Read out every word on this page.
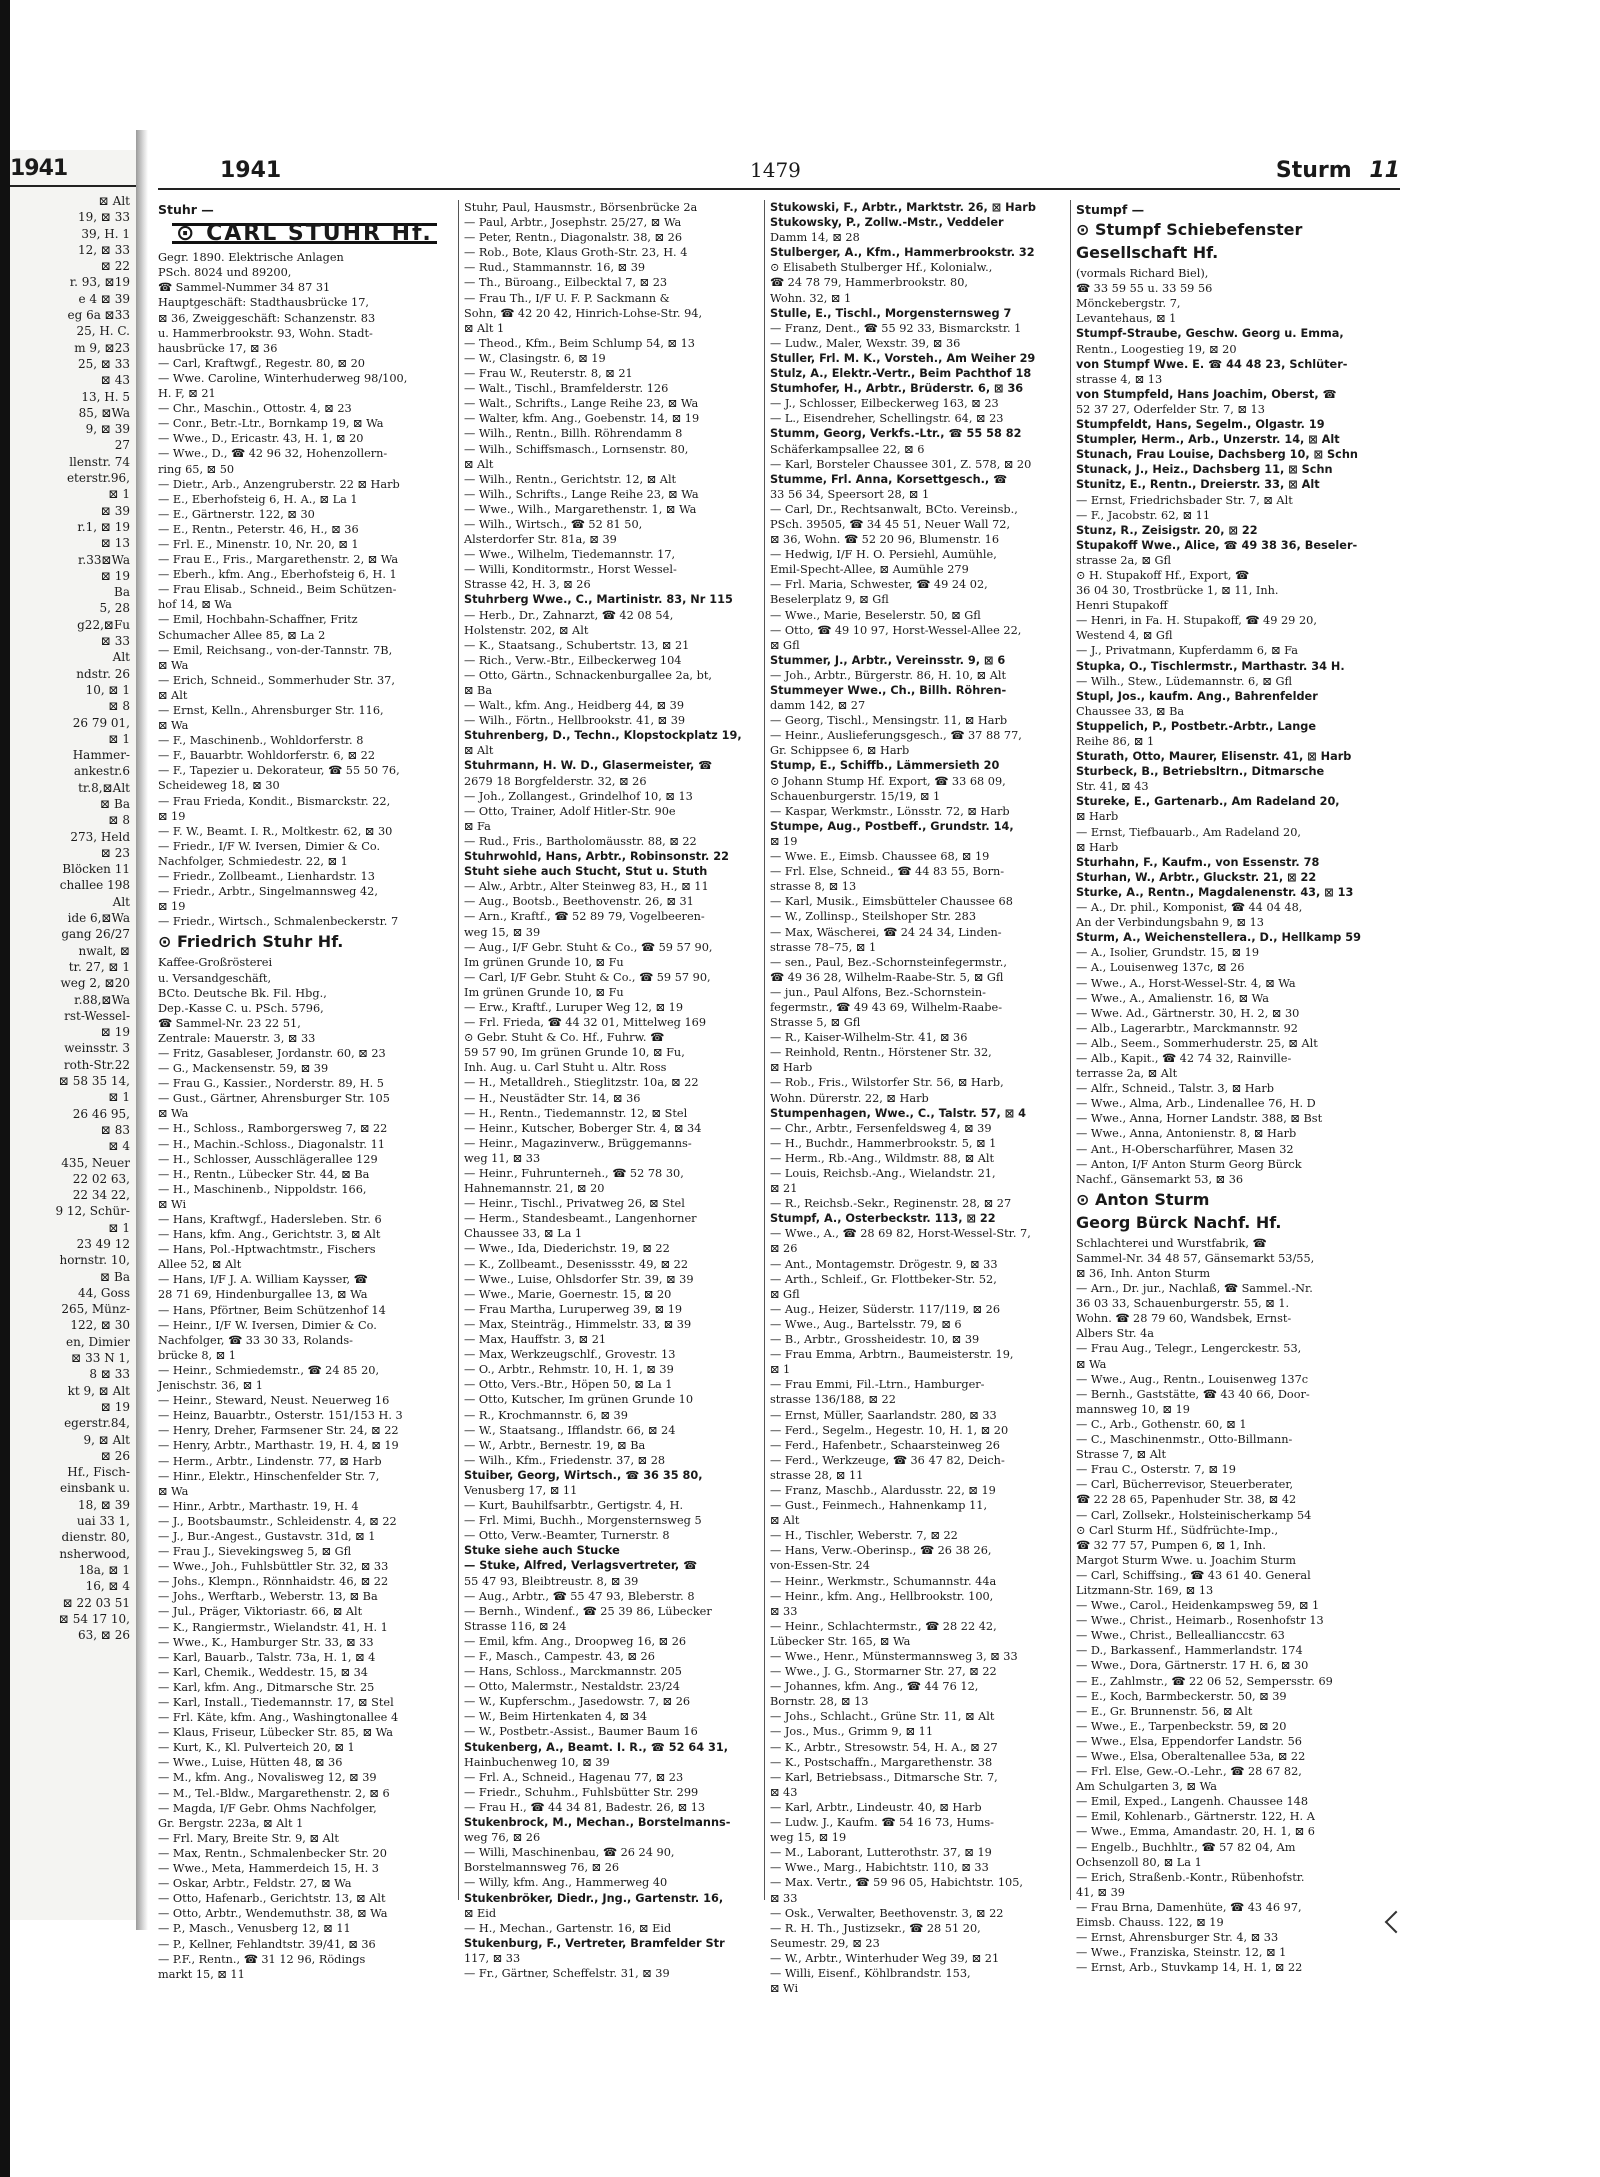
1941
⊠ Alt
19, ⊠ 33
39, H. 1
12, ⊠ 33
⊠ 22
r. 93, ⊠19
e 4 ⊠ 39
eg 6a ⊠33
25, H. C.
m 9, ⊠23
25, ⊠ 33
⊠ 43
13, H. 5
85, ⊠Wa
9, ⊠ 39
27
llenstr. 74
eterstr.96,
⊠ 1
⊠ 39
r.1, ⊠ 19
⊠ 13
r.33⊠Wa
⊠ 19
Ba
5, 28
g22,⊠Fu
⊠ 33
Alt
ndstr. 26
10, ⊠ 1
⊠ 8
26 79 01,
⊠ 1
Hammer-
ankestr.6
tr.8,⊠Alt
⊠ Ba
⊠ 8
273, Held
⊠ 23
Blöcken 11
challee 198
Alt
ide 6,⊠Wa
gang 26/27
nwalt, ⊠
tr. 27, ⊠ 1
weg 2, ⊠20
r.88,⊠Wa
rst-Wessel-
⊠ 19
weinsstr. 3
roth-Str.22
⊠ 58 35 14,
⊠ 1
26 46 95,
⊠ 83
⊠ 4
435, Neuer
22 02 63,
22 34 22,
9 12, Schür-
⊠ 1
23 49 12
hornstr. 10,
⊠ Ba
44, Goss
265, Münz-
122, ⊠ 30
en, Dimier
⊠ 33 N 1,
8 ⊠ 33
kt 9, ⊠ Alt
⊠ 19
egerstr.84,
9, ⊠ Alt
⊠ 26
Hf., Fisch-
einsbank u.
18, ⊠ 39
uai 33 1,
dienstr. 80,
nsherwood,
18a, ⊠ 1
16, ⊠ 4
⊠ 22 03 51
⊠ 54 17 10,
63, ⊠ 26
1941	1479	Sturm 11
Stuhr —
⊙ CARL STUHR Hf.
Gegr. 1890. Elektrische Anlagen
PSch. 8024 und 89200,
☎ Sammel-Nummer 34 87 31
Hauptgeschäft: Stadthausbrücke 17,
⊠ 36, Zweiggeschäft: Schanzenstr. 83
u. Hammerbrookstr. 93, Wohn. Stadt-
hausbrücke 17, ⊠ 36
— Carl, Kraftwgf., Regestr. 80, ⊠ 20
— Wwe. Caroline, Winterhuderweg 98/100,
H. F, ⊠ 21
— Chr., Maschin., Ottostr. 4, ⊠ 23
— Conr., Betr.-Ltr., Bornkamp 19, ⊠ Wa
— Wwe., D., Ericastr. 43, H. 1, ⊠ 20
— Wwe., D., ☎ 42 96 32, Hohenzollern-
ring 65, ⊠ 50
— Dietr., Arb., Anzengruberstr. 22 ⊠ Harb
— E., Eberhofsteig 6, H. A., ⊠ La 1
— E., Gärtnerstr. 122, ⊠ 30
— E., Rentn., Peterstr. 46, H., ⊠ 36
— Frl. E., Minenstr. 10, Nr. 20, ⊠ 1
— Frau E., Fris., Margarethenstr. 2, ⊠ Wa
— Eberh., kfm. Ang., Eberhofsteig 6, H. 1
— Frau Elisab., Schneid., Beim Schützen-
hof 14, ⊠ Wa
— Emil, Hochbahn-Schaffner, Fritz
Schumacher Allee 85, ⊠ La 2
— Emil, Reichsang., von-der-Tannstr. 7B,
⊠ Wa
— Erich, Schneid., Sommerhuder Str. 37,
⊠ Alt
— Ernst, Kelln., Ahrensburger Str. 116,
⊠ Wa
— F., Maschinenb., Wohldorferstr. 8
— F., Bauarbtr. Wohldorferstr. 6, ⊠ 22
— F., Tapezier u. Dekorateur, ☎ 55 50 76,
Scheideweg 18, ⊠ 30
— Frau Frieda, Kondit., Bismarckstr. 22,
⊠ 19
— F. W., Beamt. I. R., Moltkestr. 62, ⊠ 30
— Friedr., I/F W. Iversen, Dimier & Co.
Nachfolger, Schmiedestr. 22, ⊠ 1
— Friedr., Zollbeamt., Lienhardstr. 13
— Friedr., Arbtr., Singelmannsweg 42,
⊠ 19
— Friedr., Wirtsch., Schmalenbeckerstr. 7
⊙ Friedrich Stuhr Hf.
Kaffee-Großrösterei
u. Versandgeschäft,
BCto. Deutsche Bk. Fil. Hbg.,
Dep.-Kasse C. u. PSch. 5796,
☎ Sammel-Nr. 23 22 51,
Zentrale: Mauerstr. 3, ⊠ 33
— Fritz, Gasableser, Jordanstr. 60, ⊠ 23
— G., Mackensenstr. 59, ⊠ 39
— Frau G., Kassier., Norderstr. 89, H. 5
— Gust., Gärtner, Ahrensburger Str. 105
⊠ Wa
— H., Schloss., Ramborgersweg 7, ⊠ 22
— H., Machin.-Schloss., Diagonalstr. 11
— H., Schlosser, Ausschlägerallee 129
— H., Rentn., Lübecker Str. 44, ⊠ Ba
— H., Maschinenb., Nippoldstr. 166,
⊠ Wi
— Hans, Kraftwgf., Hadersleben. Str. 6
— Hans, kfm. Ang., Gerichtstr. 3, ⊠ Alt
— Hans, Pol.-Hptwachtmstr., Fischers
Allee 52, ⊠ Alt
— Hans, I/F J. A. William Kaysser, ☎
28 71 69, Hindenburgallee 13, ⊠ Wa
— Hans, Pförtner, Beim Schützenhof 14
— Heinr., I/F W. Iversen, Dimier & Co.
Nachfolger, ☎ 33 30 33, Rolands-
brücke 8, ⊠ 1
— Heinr., Schmiedemstr., ☎ 24 85 20,
Jenischstr. 36, ⊠ 1
— Heinr., Steward, Neust. Neuerweg 16
— Heinz, Bauarbtr., Osterstr. 151/153 H. 3
— Henry, Dreher, Farmsener Str. 24, ⊠ 22
— Henry, Arbtr., Marthastr. 19, H. 4, ⊠ 19
— Herm., Arbtr., Lindenstr. 77, ⊠ Harb
— Hinr., Elektr., Hinschenfelder Str. 7,
⊠ Wa
— Hinr., Arbtr., Marthastr. 19, H. 4
— J., Bootsbaumstr., Schleidenstr. 4, ⊠ 22
— J., Bur.-Angest., Gustavstr. 31d, ⊠ 1
— Frau J., Sievekingsweg 5, ⊠ Gfl
— Wwe., Joh., Fuhlsbüttler Str. 32, ⊠ 33
— Johs., Klempn., Rönnhaidstr. 46, ⊠ 22
— Johs., Werftarb., Weberstr. 13, ⊠ Ba
— Jul., Präger, Viktoriastr. 66, ⊠ Alt
— K., Rangiermstr., Wielandstr. 41, H. 1
— Wwe., K., Hamburger Str. 33, ⊠ 33
— Karl, Bauarb., Talstr. 73a, H. 1, ⊠ 4
— Karl, Chemik., Weddestr. 15, ⊠ 34
— Karl, kfm. Ang., Ditmarsche Str. 25
— Karl, Install., Tiedemannstr. 17, ⊠ Stel
— Frl. Käte, kfm. Ang., Washingtonallee 4
— Klaus, Friseur, Lübecker Str. 85, ⊠ Wa
— Kurt, K., Kl. Pulverteich 20, ⊠ 1
— Wwe., Luise, Hütten 48, ⊠ 36
— M., kfm. Ang., Novalisweg 12, ⊠ 39
— M., Tel.-Bldw., Margarethenstr. 2, ⊠ 6
— Magda, I/F Gebr. Ohms Nachfolger,
Gr. Bergstr. 223a, ⊠ Alt 1
— Frl. Mary, Breite Str. 9, ⊠ Alt
— Max, Rentn., Schmalenbecker Str. 20
— Wwe., Meta, Hammerdeich 15, H. 3
— Oskar, Arbtr., Feldstr. 27, ⊠ Wa
— Otto, Hafenarb., Gerichtstr. 13, ⊠ Alt
— Otto, Arbtr., Wendemuthstr. 38, ⊠ Wa
— P., Masch., Venusberg 12, ⊠ 11
— P., Kellner, Fehlandtstr. 39/41, ⊠ 36
— P.F., Rentn., ☎ 31 12 96, Rödings
markt 15, ⊠ 11
Stuhr, Paul, Hausmstr., Börsenbrücke 2a
— Paul, Arbtr., Josephstr. 25/27, ⊠ Wa
— Peter, Rentn., Diagonalstr. 38, ⊠ 26
— Rob., Bote, Klaus Groth-Str. 23, H. 4
— Rud., Stammannstr. 16, ⊠ 39
— Th., Büroang., Eilbecktal 7, ⊠ 23
— Frau Th., I/F U. F. P. Sackmann &
Sohn, ☎ 42 20 42, Hinrich-Lohse-Str. 94,
⊠ Alt 1
— Theod., Kfm., Beim Schlump 54, ⊠ 13
— W., Clasingstr. 6, ⊠ 19
— Frau W., Reuterstr. 8, ⊠ 21
— Walt., Tischl., Bramfelderstr. 126
— Walt., Schrifts., Lange Reihe 23, ⊠ Wa
— Walter, kfm. Ang., Goebenstr. 14, ⊠ 19
— Wilh., Rentn., Billh. Röhrendamm 8
— Wilh., Schiffsmasch., Lornsenstr. 80,
⊠ Alt
— Wilh., Rentn., Gerichtstr. 12, ⊠ Alt
— Wilh., Schrifts., Lange Reihe 23, ⊠ Wa
— Wwe., Wilh., Margarethenstr. 1, ⊠ Wa
— Wilh., Wirtsch., ☎ 52 81 50,
Alsterdorfer Str. 81a, ⊠ 39
— Wwe., Wilhelm, Tiedemannstr. 17,
— Willi, Konditormstr., Horst Wessel-
Strasse 42, H. 3, ⊠ 26
Stuhrberg Wwe., C., Martinistr. 83, Nr 115
— Herb., Dr., Zahnarzt, ☎ 42 08 54,
Holstenstr. 202, ⊠ Alt
— K., Staatsang., Schubertstr. 13, ⊠ 21
— Rich., Verw.-Btr., Eilbeckerweg 104
— Otto, Gärtn., Schnackenburgallee 2a, bt,
⊠ Ba
— Walt., kfm. Ang., Heidberg 44, ⊠ 39
— Wilh., Förtn., Hellbrookstr. 41, ⊠ 39
Stuhrenberg, D., Techn., Klopstockplatz 19,
⊠ Alt
Stuhrmann, H. W. D., Glasermeister, ☎
2679 18 Borgfelderstr. 32, ⊠ 26
— Joh., Zollangest., Grindelhof 10, ⊠ 13
— Otto, Trainer, Adolf Hitler-Str. 90e
⊠ Fa
— Rud., Fris., Bartholomäusstr. 88, ⊠ 22
Stuhrwohld, Hans, Arbtr., Robinsonstr. 22
Stuht siehe auch Stucht, Stut u. Stuth
— Alw., Arbtr., Alter Steinweg 83, H., ⊠ 11
— Aug., Bootsb., Beethovenstr. 26, ⊠ 31
— Arn., Kraftf., ☎ 52 89 79, Vogelbeeren-
weg 15, ⊠ 39
— Aug., I/F Gebr. Stuht & Co., ☎ 59 57 90,
Im grünen Grunde 10, ⊠ Fu
— Carl, I/F Gebr. Stuht & Co., ☎ 59 57 90,
Im grünen Grunde 10, ⊠ Fu
— Erw., Kraftf., Luruper Weg 12, ⊠ 19
— Frl. Frieda, ☎ 44 32 01, Mittelweg 169
⊙ Gebr. Stuht & Co. Hf., Fuhrw. ☎
59 57 90, Im grünen Grunde 10, ⊠ Fu,
Inh. Aug. u. Carl Stuht u. Altr. Ross
— H., Metalldreh., Stieglitzstr. 10a, ⊠ 22
— H., Neustädter Str. 14, ⊠ 36
— H., Rentn., Tiedemannstr. 12, ⊠ Stel
— Heinr., Kutscher, Boberger Str. 4, ⊠ 34
— Heinr., Magazinverw., Brüggemanns-
weg 11, ⊠ 33
— Heinr., Fuhrunterneh., ☎ 52 78 30,
Hahnemannstr. 21, ⊠ 20
— Heinr., Tischl., Privatweg 26, ⊠ Stel
— Herm., Standesbeamt., Langenhorner
Chaussee 33, ⊠ La 1
— Wwe., Ida, Diederichstr. 19, ⊠ 22
— K., Zollbeamt., Desenissstr. 49, ⊠ 22
— Wwe., Luise, Ohlsdorfer Str. 39, ⊠ 39
— Wwe., Marie, Goernestr. 15, ⊠ 20
— Frau Martha, Luruperweg 39, ⊠ 19
— Max, Steinträg., Himmelstr. 33, ⊠ 39
— Max, Hauffstr. 3, ⊠ 21
— Max, Werkzeugschlf., Grovestr. 13
— O., Arbtr., Rehmstr. 10, H. 1, ⊠ 39
— Otto, Vers.-Btr., Höpen 50, ⊠ La 1
— Otto, Kutscher, Im grünen Grunde 10
— R., Krochmannstr. 6, ⊠ 39
— W., Staatsang., Ifflandstr. 66, ⊠ 24
— W., Arbtr., Bernestr. 19, ⊠ Ba
— Wilh., Kfm., Friedenstr. 37, ⊠ 28
Stuiber, Georg, Wirtsch., ☎ 36 35 80,
Venusberg 17, ⊠ 11
— Kurt, Bauhilfsarbtr., Gertigstr. 4, H.
— Frl. Mimi, Buchh., Morgensternsweg 5
— Otto, Verw.-Beamter, Turnerstr. 8
Stuke siehe auch Stucke
— Stuke, Alfred, Verlagsvertreter, ☎
55 47 93, Bleibtreustr. 8, ⊠ 39
— Aug., Arbtr., ☎ 55 47 93, Bleberstr. 8
— Bernh., Windenf., ☎ 25 39 86, Lübecker
Strasse 116, ⊠ 24
— Emil, kfm. Ang., Droopweg 16, ⊠ 26
— F., Masch., Campestr. 43, ⊠ 26
— Hans, Schloss., Marckmannstr. 205
— Otto, Malermstr., Nestaldstr. 23/24
— W., Kupferschm., Jasedowstr. 7, ⊠ 26
— W., Beim Hirtenkaten 4, ⊠ 34
— W., Postbetr.-Assist., Baumer Baum 16
Stukenberg, A., Beamt. I. R., ☎ 52 64 31,
Hainbuchenweg 10, ⊠ 39
— Frl. A., Schneid., Hagenau 77, ⊠ 23
— Friedr., Schuhm., Fuhlsbütter Str. 299
— Frau H., ☎ 44 34 81, Badestr. 26, ⊠ 13
Stukenbrock, M., Mechan., Borstelmanns-
weg 76, ⊠ 26
— Willi, Maschinenbau, ☎ 26 24 90,
Borstelmannsweg 76, ⊠ 26
— Willy, kfm. Ang., Hammerweg 40
Stukenbröker, Diedr., Jng., Gartenstr. 16,
⊠ Eid
— H., Mechan., Gartenstr. 16, ⊠ Eid
Stukenburg, F., Vertreter, Bramfelder Str
117, ⊠ 33
— Fr., Gärtner, Scheffelstr. 31, ⊠ 39
Stukowski, F., Arbtr., Marktstr. 26, ⊠ Harb
Stukowsky, P., Zollw.-Mstr., Veddeler
Damm 14, ⊠ 28
Stulberger, A., Kfm., Hammerbrookstr. 32
⊙ Elisabeth Stulberger Hf., Kolonialw.,
☎ 24 78 79, Hammerbrookstr. 80,
Wohn. 32, ⊠ 1
Stulle, E., Tischl., Morgensternsweg 7
— Franz, Dent., ☎ 55 92 33, Bismarckstr. 1
— Ludw., Maler, Wexstr. 39, ⊠ 36
Stuller, Frl. M. K., Vorsteh., Am Weiher 29
Stulz, A., Elektr.-Vertr., Beim Pachthof 18
Stumhofer, H., Arbtr., Brüderstr. 6, ⊠ 36
— J., Schlosser, Eilbeckerweg 163, ⊠ 23
— L., Eisendreher, Schellingstr. 64, ⊠ 23
Stumm, Georg, Verkfs.-Ltr., ☎ 55 58 82
Schäferkampsallee 22, ⊠ 6
— Karl, Borsteler Chaussee 301, Z. 578, ⊠ 20
Stumme, Frl. Anna, Korsettgesch., ☎
33 56 34, Speersort 28, ⊠ 1
— Carl, Dr., Rechtsanwalt, BCto. Vereinsb.,
PSch. 39505, ☎ 34 45 51, Neuer Wall 72,
⊠ 36, Wohn. ☎ 52 20 96, Blumenstr. 16
— Hedwig, I/F H. O. Persiehl, Aumühle,
Emil-Specht-Allee, ⊠ Aumühle 279
— Frl. Maria, Schwester, ☎ 49 24 02,
Beselerplatz 9, ⊠ Gfl
— Wwe., Marie, Beselerstr. 50, ⊠ Gfl
— Otto, ☎ 49 10 97, Horst-Wessel-Allee 22,
⊠ Gfl
Stummer, J., Arbtr., Vereinsstr. 9, ⊠ 6
— Joh., Arbtr., Bürgerstr. 86, H. 10, ⊠ Alt
Stummeyer Wwe., Ch., Billh. Röhren-
damm 142, ⊠ 27
— Georg, Tischl., Mensingstr. 11, ⊠ Harb
— Heinr., Auslieferungsgesch., ☎ 37 88 77,
Gr. Schippsee 6, ⊠ Harb
Stump, E., Schiffb., Lämmersieth 20
⊙ Johann Stump Hf. Export, ☎ 33 68 09,
Schauenburgerstr. 15/19, ⊠ 1
— Kaspar, Werkmstr., Lönsstr. 72, ⊠ Harb
Stumpe, Aug., Postbeff., Grundstr. 14,
⊠ 19
— Wwe. E., Eimsb. Chaussee 68, ⊠ 19
— Frl. Else, Schneid., ☎ 44 83 55, Born-
strasse 8, ⊠ 13
— Karl, Musik., Eimsbütteler Chaussee 68
— W., Zollinsp., Steilshoper Str. 283
— Max, Wäscherei, ☎ 24 24 34, Linden-
strasse 78–75, ⊠ 1
— sen., Paul, Bez.-Schornsteinfegermstr.,
☎ 49 36 28, Wilhelm-Raabe-Str. 5, ⊠ Gfl
— jun., Paul Alfons, Bez.-Schornstein-
fegermstr., ☎ 49 43 69, Wilhelm-Raabe-
Strasse 5, ⊠ Gfl
— R., Kaiser-Wilhelm-Str. 41, ⊠ 36
— Reinhold, Rentn., Hörstener Str. 32,
⊠ Harb
— Rob., Fris., Wilstorfer Str. 56, ⊠ Harb,
Wohn. Dürerstr. 22, ⊠ Harb
Stumpenhagen, Wwe., C., Talstr. 57, ⊠ 4
— Chr., Arbtr., Fersenfeldsweg 4, ⊠ 39
— H., Buchdr., Hammerbrookstr. 5, ⊠ 1
— Herm., Rb.-Ang., Wildmstr. 88, ⊠ Alt
— Louis, Reichsb.-Ang., Wielandstr. 21,
⊠ 21
— R., Reichsb.-Sekr., Reginenstr. 28, ⊠ 27
Stumpf, A., Osterbeckstr. 113, ⊠ 22
— Wwe., A., ☎ 28 69 82, Horst-Wessel-Str. 7,
⊠ 26
— Ant., Montagemstr. Drögestr. 9, ⊠ 33
— Arth., Schleif., Gr. Flottbeker-Str. 52,
⊠ Gfl
— Aug., Heizer, Süderstr. 117/119, ⊠ 26
— Wwe., Aug., Bartelsstr. 79, ⊠ 6
— B., Arbtr., Grossheidestr. 10, ⊠ 39
— Frau Emma, Arbtrn., Baumeisterstr. 19,
⊠ 1
— Frau Emmi, Fil.-Ltrn., Hamburger-
strasse 136/188, ⊠ 22
— Ernst, Müller, Saarlandstr. 280, ⊠ 33
— Ferd., Segelm., Hegestr. 10, H. 1, ⊠ 20
— Ferd., Hafenbetr., Schaarsteinweg 26
— Ferd., Werkzeuge, ☎ 36 47 82, Deich-
strasse 28, ⊠ 11
— Franz, Maschb., Alardusstr. 22, ⊠ 19
— Gust., Feinmech., Hahnenkamp 11,
⊠ Alt
— H., Tischler, Weberstr. 7, ⊠ 22
— Hans, Verw.-Oberinsp., ☎ 26 38 26,
von-Essen-Str. 24
— Heinr., Werkmstr., Schumannstr. 44a
— Heinr., kfm. Ang., Hellbrookstr. 100,
⊠ 33
— Heinr., Schlachtermstr., ☎ 28 22 42,
Lübecker Str. 165, ⊠ Wa
— Wwe., Henr., Münstermannsweg 3, ⊠ 33
— Wwe., J. G., Stormarner Str. 27, ⊠ 22
— Johannes, kfm. Ang., ☎ 44 76 12,
Bornstr. 28, ⊠ 13
— Johs., Schlacht., Grüne Str. 11, ⊠ Alt
— Jos., Mus., Grimm 9, ⊠ 11
— K., Arbtr., Stresowstr. 54, H. A., ⊠ 27
— K., Postschaffn., Margarethenstr. 38
— Karl, Betriebsass., Ditmarsche Str. 7,
⊠ 43
— Karl, Arbtr., Lindeustr. 40, ⊠ Harb
— Ludw. J., Kaufm. ☎ 54 16 73, Hums-
weg 15, ⊠ 19
— M., Laborant, Lutterothstr. 37, ⊠ 19
— Wwe., Marg., Habichtstr. 110, ⊠ 33
— Max. Vertr., ☎ 59 96 05, Habichtstr. 105,
⊠ 33
— Osk., Verwalter, Beethovenstr. 3, ⊠ 22
— R. H. Th., Justizsekr., ☎ 28 51 20,
Seumestr. 29, ⊠ 23
— W., Arbtr., Winterhuder Weg 39, ⊠ 21
— Willi, Eisenf., Köhlbrandstr. 153,
⊠ Wi
Stumpf —
⊙ Stumpf Schiebefenster
Gesellschaft Hf.
(vormals Richard Biel),
☎ 33 59 55 u. 33 59 56
Mönckebergstr. 7,
Levantehaus, ⊠ 1
Stumpf-Straube, Geschw. Georg u. Emma,
Rentn., Loogestieg 19, ⊠ 20
von Stumpf Wwe. E. ☎ 44 48 23, Schlüter-
strasse 4, ⊠ 13
von Stumpfeld, Hans Joachim, Oberst, ☎
52 37 27, Oderfelder Str. 7, ⊠ 13
Stumpfeldt, Hans, Segelm., Olgastr. 19
Stumpler, Herm., Arb., Unzerstr. 14, ⊠ Alt
Stunach, Frau Louise, Dachsberg 10, ⊠ Schn
Stunack, J., Heiz., Dachsberg 11, ⊠ Schn
Stunitz, E., Rentn., Dreierstr. 33, ⊠ Alt
— Ernst, Friedrichsbader Str. 7, ⊠ Alt
— F., Jacobstr. 62, ⊠ 11
Stunz, R., Zeisigstr. 20, ⊠ 22
Stupakoff Wwe., Alice, ☎ 49 38 36, Beseler-
strasse 2a, ⊠ Gfl
⊙ H. Stupakoff Hf., Export, ☎
36 04 30, Trostbrücke 1, ⊠ 11, Inh.
Henri Stupakoff
— Henri, in Fa. H. Stupakoff, ☎ 49 29 20,
Westend 4, ⊠ Gfl
— J., Privatmann, Kupferdamm 6, ⊠ Fa
Stupka, O., Tischlermstr., Marthastr. 34 H.
— Wilh., Stew., Lüdemannstr. 6, ⊠ Gfl
Stupl, Jos., kaufm. Ang., Bahrenfelder
Chaussee 33, ⊠ Ba
Stuppelich, P., Postbetr.-Arbtr., Lange
Reihe 86, ⊠ 1
Sturath, Otto, Maurer, Elisenstr. 41, ⊠ Harb
Sturbeck, B., Betriebsltrn., Ditmarsche
Str. 41, ⊠ 43
Stureke, E., Gartenarb., Am Radeland 20,
⊠ Harb
— Ernst, Tiefbauarb., Am Radeland 20,
⊠ Harb
Sturhahn, F., Kaufm., von Essenstr. 78
Sturhan, W., Arbtr., Gluckstr. 21, ⊠ 22
Sturke, A., Rentn., Magdalenenstr. 43, ⊠ 13
— A., Dr. phil., Komponist, ☎ 44 04 48,
An der Verbindungsbahn 9, ⊠ 13
Sturm, A., Weichenstellera., D., Hellkamp 59
— A., Isolier, Grundstr. 15, ⊠ 19
— A., Louisenweg 137c, ⊠ 26
— Wwe., A., Horst-Wessel-Str. 4, ⊠ Wa
— Wwe., A., Amalienstr. 16, ⊠ Wa
— Wwe. Ad., Gärtnerstr. 30, H. 2, ⊠ 30
— Alb., Lagerarbtr., Marckmannstr. 92
— Alb., Seem., Sommerhuderstr. 25, ⊠ Alt
— Alb., Kapit., ☎ 42 74 32, Rainville-
terrasse 2a, ⊠ Alt
— Alfr., Schneid., Talstr. 3, ⊠ Harb
— Wwe., Alma, Arb., Lindenallee 76, H. D
— Wwe., Anna, Horner Landstr. 388, ⊠ Bst
— Wwe., Anna, Antonienstr. 8, ⊠ Harb
— Ant., H-Oberscharführer, Masen 32
— Anton, I/F Anton Sturm Georg Bürck
Nachf., Gänsemarkt 53, ⊠ 36
⊙ Anton Sturm
Georg Bürck Nachf. Hf.
Schlachterei und Wurstfabrik, ☎
Sammel-Nr. 34 48 57, Gänsemarkt 53/55,
⊠ 36, Inh. Anton Sturm
— Arn., Dr. jur., Nachlaß, ☎ Sammel.-Nr.
36 03 33, Schauenburgerstr. 55, ⊠ 1.
Wohn. ☎ 28 79 60, Wandsbek, Ernst-
Albers Str. 4a
— Frau Aug., Telegr., Lengerckestr. 53,
⊠ Wa
— Wwe., Aug., Rentn., Louisenweg 137c
— Bernh., Gaststätte, ☎ 43 40 66, Door-
mannsweg 10, ⊠ 19
— C., Arb., Gothenstr. 60, ⊠ 1
— C., Maschinenmstr., Otto-Billmann-
Strasse 7, ⊠ Alt
— Frau C., Osterstr. 7, ⊠ 19
— Carl, Bücherrevisor, Steuerberater,
☎ 22 28 65, Papenhuder Str. 38, ⊠ 42
— Carl, Zollsekr., Holsteinischerkamp 54
⊙ Carl Sturm Hf., Südfrüchte-Imp.,
☎ 32 77 57, Pumpen 6, ⊠ 1, Inh.
Margot Sturm Wwe. u. Joachim Sturm
— Carl, Schiffsing., ☎ 43 61 40. General
Litzmann-Str. 169, ⊠ 13
— Wwe., Carol., Heidenkampsweg 59, ⊠ 1
— Wwe., Christ., Heimarb., Rosenhofstr 13
— Wwe., Christ., Belleallianccstr. 63
— D., Barkassenf., Hammerlandstr. 174
— Wwe., Dora, Gärtnerstr. 17 H. 6, ⊠ 30
— E., Zahlmstr., ☎ 22 06 52, Sempersstr. 69
— E., Koch, Barmbeckerstr. 50, ⊠ 39
— E., Gr. Brunnenstr. 56, ⊠ Alt
— Wwe., E., Tarpenbeckstr. 59, ⊠ 20
— Wwe., Elsa, Eppendorfer Landstr. 56
— Wwe., Elsa, Oberaltenallee 53a, ⊠ 22
— Frl. Else, Gew.-O.-Lehr., ☎ 28 67 82,
Am Schulgarten 3, ⊠ Wa
— Emil, Exped., Langenh. Chaussee 148
— Emil, Kohlenarb., Gärtnerstr. 122, H. A
— Wwe., Emma, Amandastr. 20, H. 1, ⊠ 6
— Engelb., Buchhltr., ☎ 57 82 04, Am
Ochsenzoll 80, ⊠ La 1
— Erich, Straßenb.-Kontr., Rübenhofstr.
41, ⊠ 39
— Frau Brna, Damenhüte, ☎ 43 46 97,
Eimsb. Chauss. 122, ⊠ 19
— Ernst, Ahrensburger Str. 4, ⊠ 33
— Wwe., Franziska, Steinstr. 12, ⊠ 1
— Ernst, Arb., Stuvkamp 14, H. 1, ⊠ 22
